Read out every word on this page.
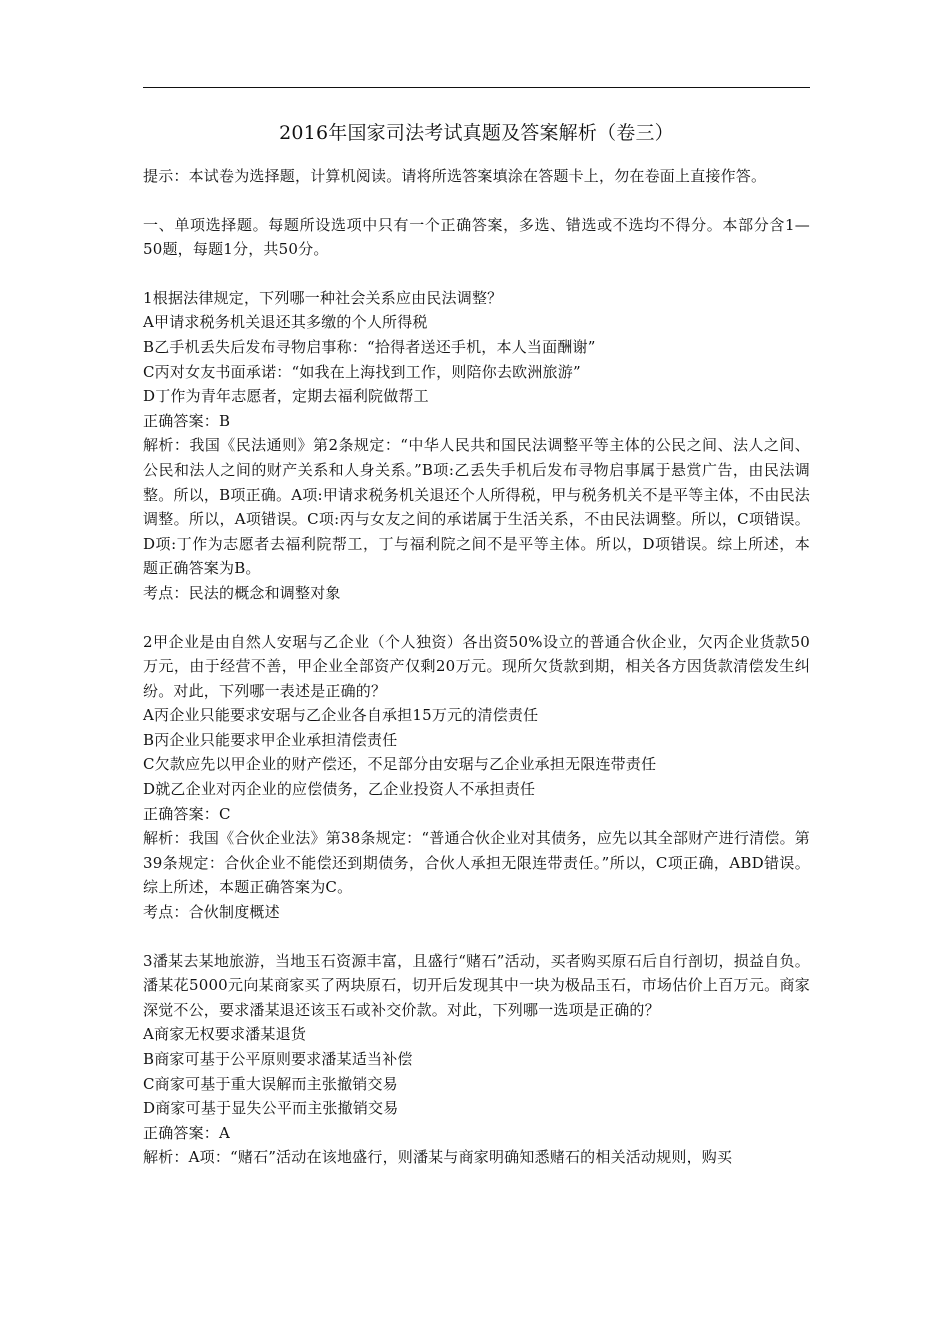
2016年国家司法考试真题及答案解析（卷三）
提示：本试卷为选择题，计算机阅读。请将所选答案填涂在答题卡上，勿在卷面上直接作答。
一、单项选择题。每题所设选项中只有一个正确答案，多选、错选或不选均不得分。本部分含1—50题，每题1分，共50分。
1根据法律规定，下列哪一种社会关系应由民法调整？
A甲请求税务机关退还其多缴的个人所得税
B乙手机丢失后发布寻物启事称：“拾得者送还手机，本人当面酬谢”
C丙对女友书面承诺：“如我在上海找到工作，则陪你去欧洲旅游”
D丁作为青年志愿者，定期去福利院做帮工
正确答案：B
解析：我国《民法通则》第2条规定：“中华人民共和国民法调整平等主体的公民之间、法人之间、公民和法人之间的财产关系和人身关系。”B项:乙丢失手机后发布寻物启事属于悬赏广告，由民法调整。所以，B项正确。A项:甲请求税务机关退还个人所得税，甲与税务机关不是平等主体，不由民法调整。所以，A项错误。C项:丙与女友之间的承诺属于生活关系，不由民法调整。所以，C项错误。D项:丁作为志愿者去福利院帮工，丁与福利院之间不是平等主体。所以，D项错误。综上所述，本题正确答案为B。
考点：民法的概念和调整对象
2甲企业是由自然人安琚与乙企业（个人独资）各出资50%设立的普通合伙企业，欠丙企业货款50万元，由于经营不善，甲企业全部资产仅剩20万元。现所欠货款到期，相关各方因货款清偿发生纠纷。对此，下列哪一表述是正确的？
A丙企业只能要求安琚与乙企业各自承担15万元的清偿责任
B丙企业只能要求甲企业承担清偿责任
C欠款应先以甲企业的财产偿还，不足部分由安琚与乙企业承担无限连带责任
D就乙企业对丙企业的应偿债务，乙企业投资人不承担责任
正确答案：C
解析：我国《合伙企业法》第38条规定：“普通合伙企业对其债务，应先以其全部财产进行清偿。第39条规定：合伙企业不能偿还到期债务，合伙人承担无限连带责任。”所以，C项正确，ABD错误。综上所述，本题正确答案为C。
考点：合伙制度概述
3潘某去某地旅游，当地玉石资源丰富，且盛行“赌石”活动，买者购买原石后自行剖切，损益自负。潘某花5000元向某商家买了两块原石，切开后发现其中一块为极品玉石，市场估价上百万元。商家深觉不公，要求潘某退还该玉石或补交价款。对此，下列哪一选项是正确的？
A商家无权要求潘某退货
B商家可基于公平原则要求潘某适当补偿
C商家可基于重大误解而主张撤销交易
D商家可基于显失公平而主张撤销交易
正确答案：A
解析：A项：“赌石”活动在该地盛行，则潘某与商家明确知悉赌石的相关活动规则，购买
